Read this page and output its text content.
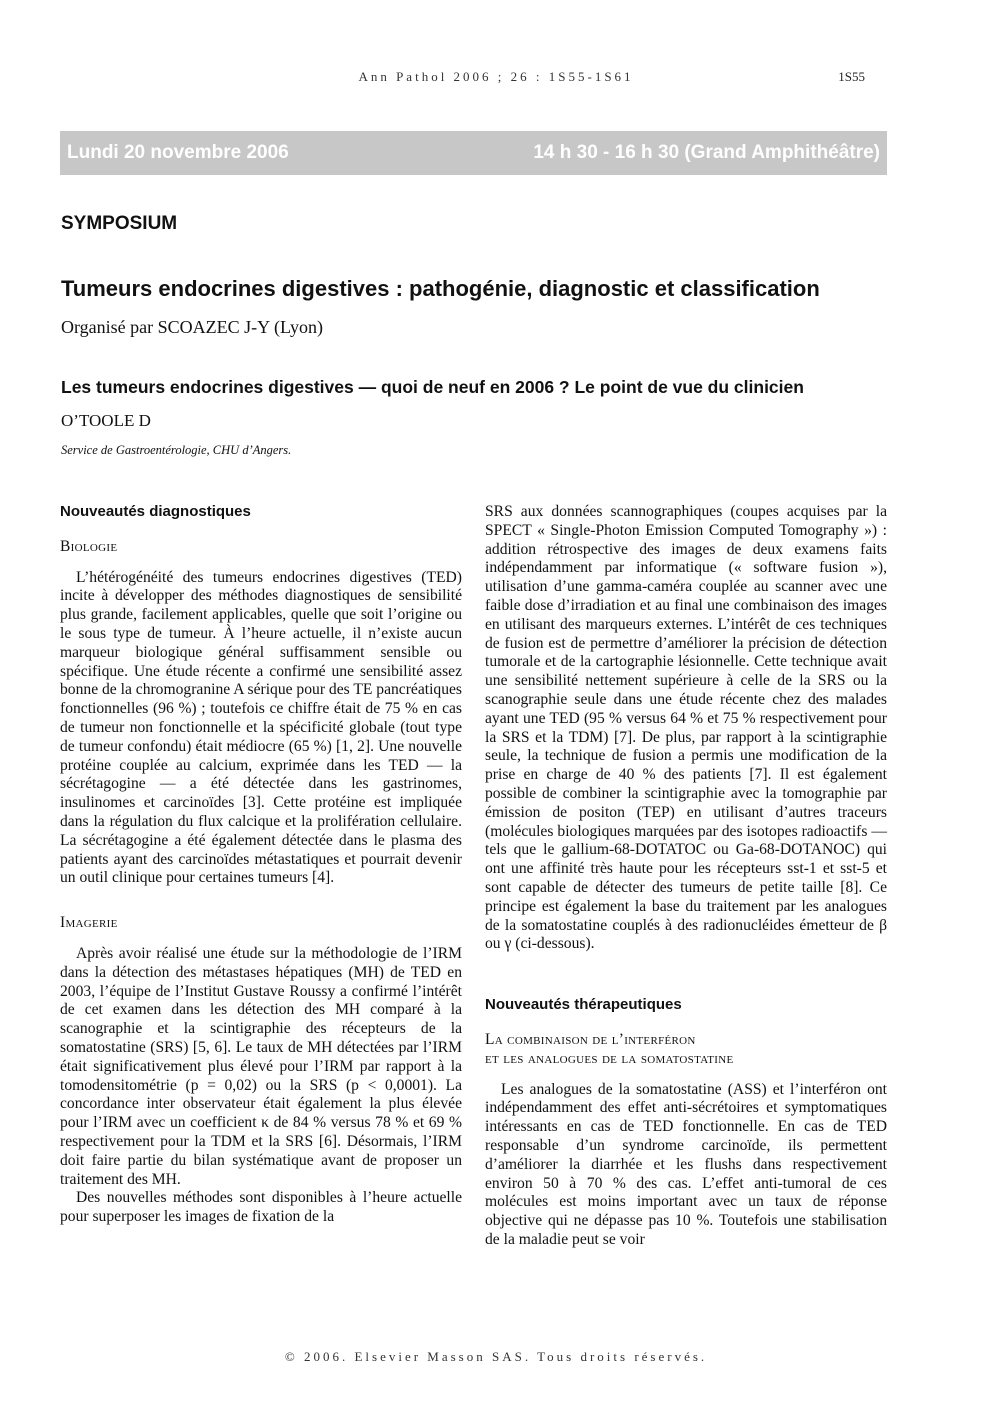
Ann Pathol 2006 ; 26 : 1S55-1S61	1S55
Lundi 20 novembre 2006	14 h 30 - 16 h 30 (Grand Amphithéâtre)
SYMPOSIUM
Tumeurs endocrines digestives : pathogénie, diagnostic et classification
Organisé par SCOAZEC J-Y (Lyon)
Les tumeurs endocrines digestives — quoi de neuf en 2006 ? Le point de vue du clinicien
O’TOOLE D
Service de Gastroentérologie, CHU d’Angers.
Nouveautés diagnostiques
Biologie

L’hétérogénéité des tumeurs endocrines digestives (TED) incite à développer des méthodes diagnostiques de sensibilité plus grande, facilement applicables, quelle que soit l’origine ou le sous type de tumeur. À l’heure actuelle, il n’existe aucun marqueur biologique général suffisamment sensible ou spécifique. Une étude récente a confirmé une sensibilité assez bonne de la chromogranine A sérique pour des TE pancréatiques fonctionnelles (96 %) ; toutefois ce chiffre était de 75 % en cas de tumeur non fonctionnelle et la spécificité globale (tout type de tumeur confondu) était médiocre (65 %) [1, 2]. Une nouvelle protéine couplée au calcium, exprimée dans les TED — la sécrétagogine — a été détectée dans les gastrinomes, insulinomes et carcinoïdes [3]. Cette protéine est impliquée dans la régulation du flux calcique et la prolifération cellulaire. La sécrétagogine a été également détectée dans le plasma des patients ayant des carcinoïdes métastatiques et pourrait devenir un outil clinique pour certaines tumeurs [4].

Imagerie

Après avoir réalisé une étude sur la méthodologie de l’IRM dans la détection des métastases hépatiques (MH) de TED en 2003, l’équipe de l’Institut Gustave Roussy a confirmé l’intérêt de cet examen dans les détection des MH comparé à la scanographie et la scintigraphie des récepteurs de la somatostatine (SRS) [5, 6]. Le taux de MH détectées par l’IRM était significativement plus élevé pour l’IRM par rapport à la tomodensitométrie (p = 0,02) ou la SRS (p < 0,0001). La concordance inter observateur était également la plus élevée pour l’IRM avec un coefficient κ de 84 % versus 78 % et 69 % respectivement pour la TDM et la SRS [6]. Désormais, l’IRM doit faire partie du bilan systématique avant de proposer un traitement des MH.

Des nouvelles méthodes sont disponibles à l’heure actuelle pour superposer les images de fixation de la

SRS aux données scannographiques (coupes acquises par la SPECT « Single-Photon Emission Computed Tomography ») : addition rétrospective des images de deux examens faits indépendamment par informatique (« software fusion »), utilisation d’une gamma-caméra couplée au scanner avec une faible dose d’irradiation et au final une combinaison des images en utilisant des marqueurs externes. L’intérêt de ces techniques de fusion est de permettre d’améliorer la précision de détection tumorale et de la cartographie lésionnelle. Cette technique avait une sensibilité nettement supérieure à celle de la SRS ou la scanographie seule dans une étude récente chez des malades ayant une TED (95 % versus 64 % et 75 % respectivement pour la SRS et la TDM) [7]. De plus, par rapport à la scintigraphie seule, la technique de fusion a permis une modification de la prise en charge de 40 % des patients [7]. Il est également possible de combiner la scintigraphie avec la tomographie par émission de positon (TEP) en utilisant d’autres traceurs (molécules biologiques marquées par des isotopes radioactifs — tels que le gallium-68-DOTATOC ou Ga-68-DOTANOC) qui ont une affinité très haute pour les récepteurs sst-1 et sst-5 et sont capable de détecter des tumeurs de petite taille [8]. Ce principe est également la base du traitement par les analogues de la somatostatine couplés à des radionucléides émetteur de β ou γ (ci-dessous).

Nouveautés thérapeutiques
La combinaison de l’interféron
et les analogues de la somatostatine

Les analogues de la somatostatine (ASS) et l’interféron ont indépendamment des effet anti-sécrétoires et symptomatiques intéressants en cas de TED fonctionnelle. En cas de TED responsable d’un syndrome carcinoïde, ils permettent d’améliorer la diarrhée et les flushs dans respectivement environ 50 à 70 % des cas. L’effet anti-tumoral de ces molécules est moins important avec un taux de réponse objective qui ne dépasse pas 10 %. Toutefois une stabilisation de la maladie peut se voir

© 2006. Elsevier Masson SAS. Tous droits réservés.
